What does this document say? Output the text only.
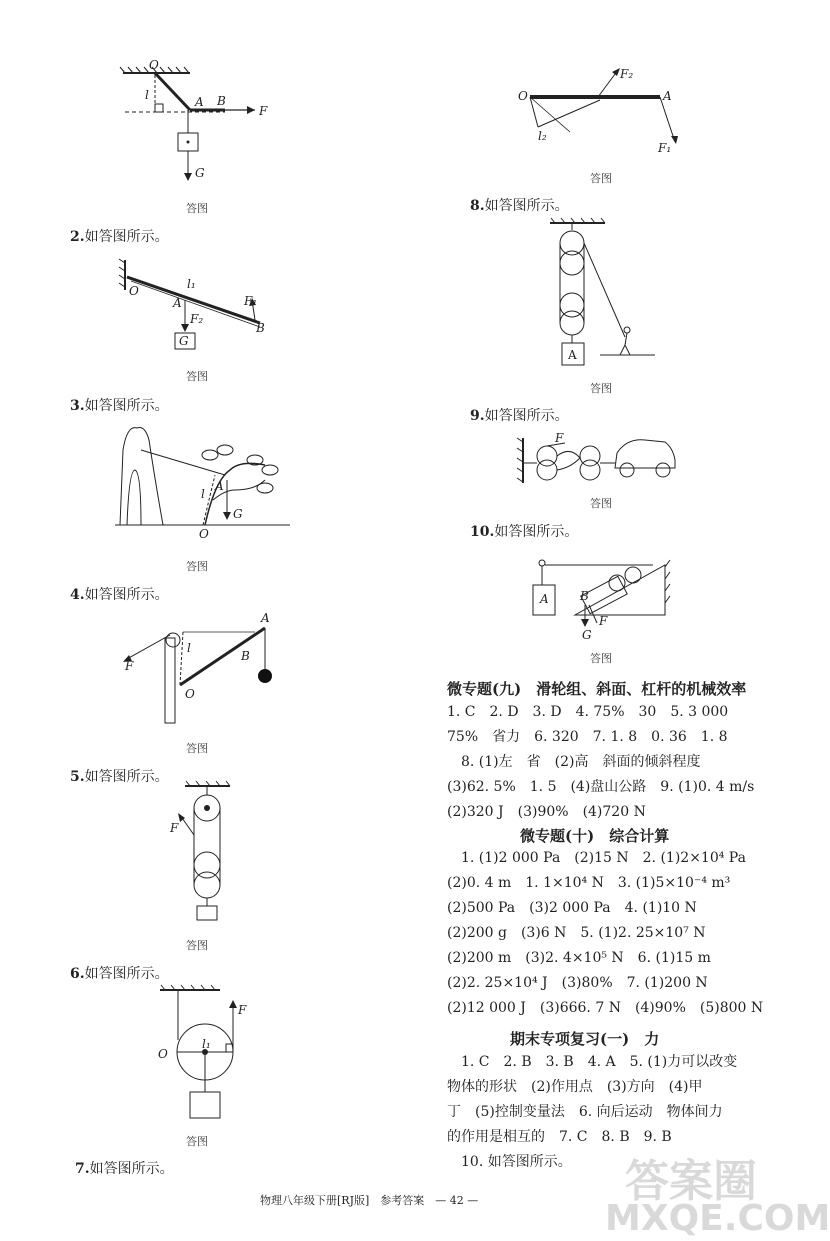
O
l	A B
F
G
答图
2.如答图所示。
O	l₁
A	F₁
F₂
B
G
答图
3.如答图所示。
l
A
G
O
答图
4.如答图所示。
F
l
A
B
O
答图
5.如答图所示。
F
答图
6.如答图所示。
O
l₁
F
答图
7.如答图所示。
O	A
F₂
F₁
l₂
答图
8.如答图所示。
A
答图
9.如答图所示。
F
答图
10.如答图所示。
A	B
G
F
答图
微专题(九)　滑轮组、斜面、杠杆的机械效率
1. C　2. D　3. D　4. 75%　30　5. 3 000
75%　省力　6. 320　7. 1. 8　0. 36　1. 8
　8. (1)左　省　(2)高　斜面的倾斜程度
(3)62. 5%　1. 5　(4)盘山公路　9. (1)0. 4 m/s
(2)320 J　(3)90%　(4)720 N
微专题(十)　综合计算
　1. (1)2 000 Pa　(2)15 N　2. (1)2×10⁴ Pa
(2)0. 4 m　1. 1×10⁴ N　3. (1)5×10⁻⁴ m³
(2)500 Pa　(3)2 000 Pa　4. (1)10 N
(2)200 g　(3)6 N　5. (1)2. 25×10⁷ N
(2)200 m　(3)2. 4×10⁵ N　6. (1)15 m
(2)2. 25×10⁴ J　(3)80%　7. (1)200 N
(2)12 000 J　(3)666. 7 N　(4)90%　(5)800 N
期末专项复习(一)　力
　1. C　2. B　3. B　4. A　5. (1)力可以改变
物体的形状　(2)作用点　(3)方向　(4)甲
丁　(5)控制变量法　6. 向后运动　物体间力
的作用是相互的　7. C　8. B　9. B
　10. 如答图所示。
物理八年级下册[RJ版]　参考答案　— 42 —	答案圈
MXQE.COM
